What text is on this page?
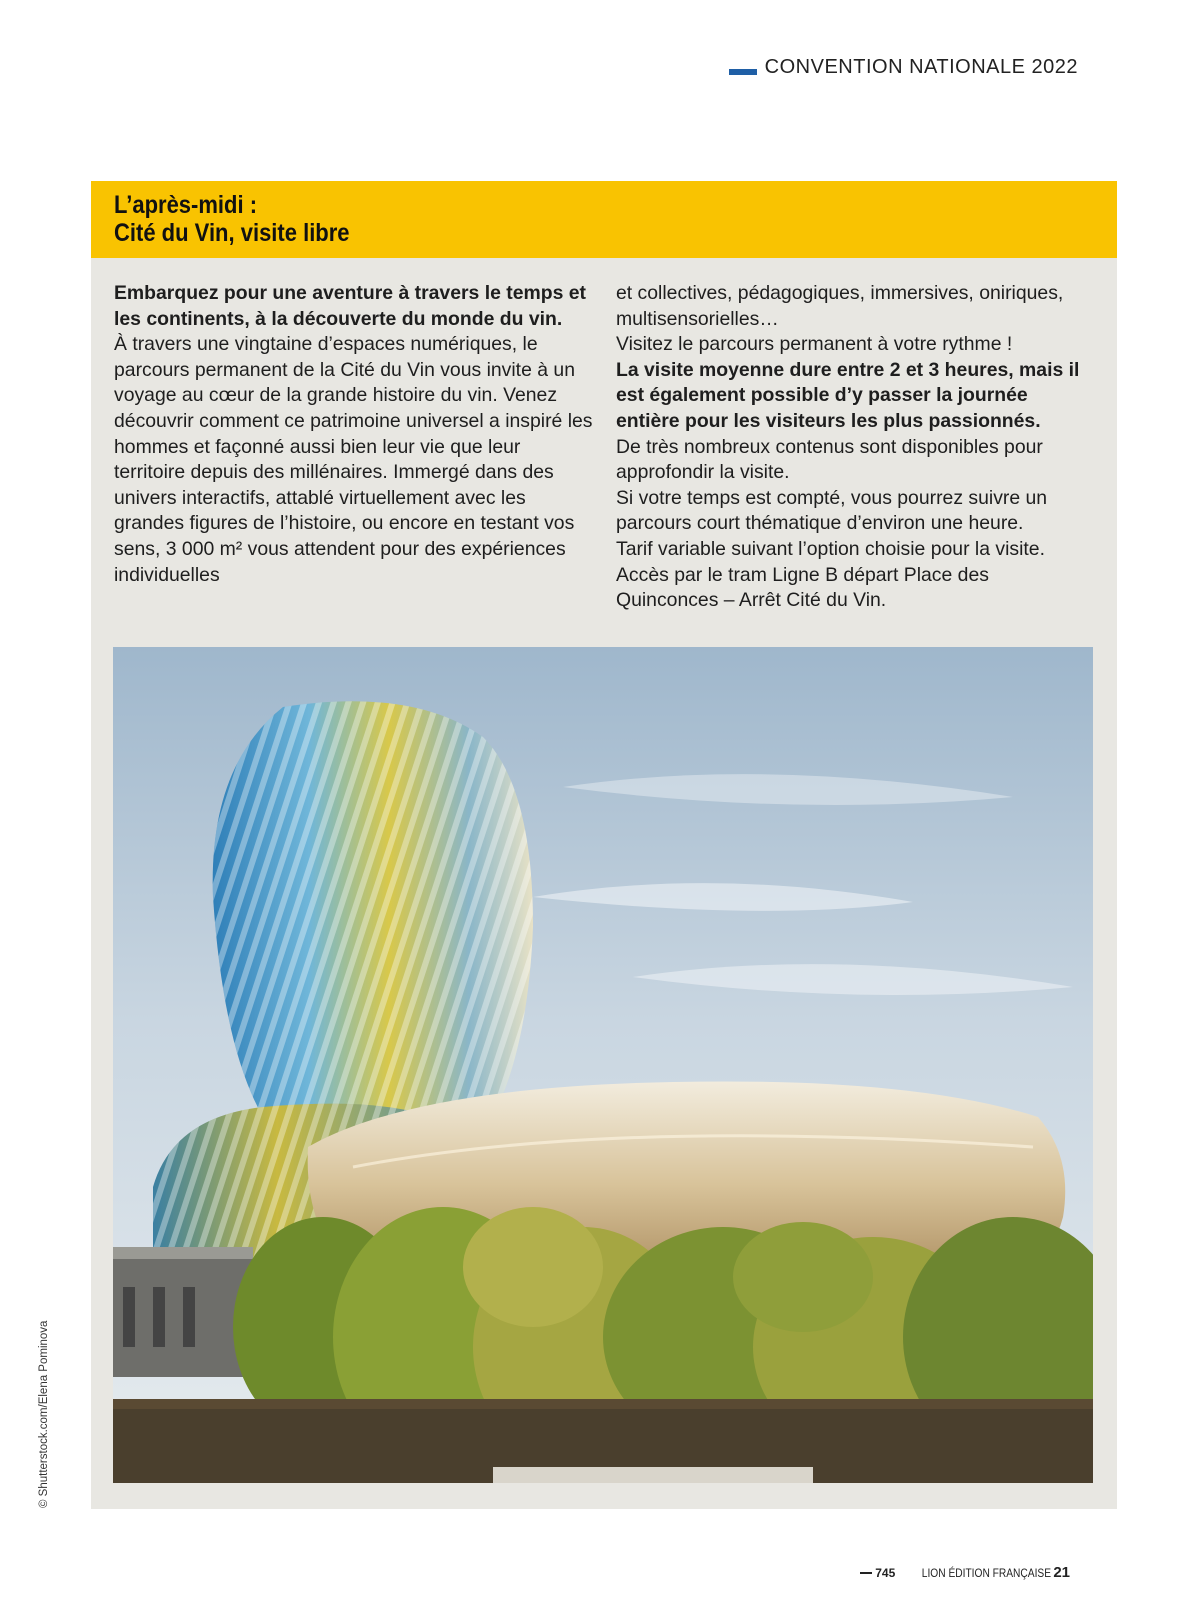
CONVENTION NATIONALE 2022
L’après-midi :
Cité du Vin, visite libre

Embarquez pour une aventure à travers le temps et les continents, à la découverte du monde du vin.

À travers une vingtaine d’espaces numériques, le parcours permanent de la Cité du Vin vous invite à un voyage au cœur de la grande histoire du vin. Venez découvrir comment ce patrimoine universel a inspiré les hommes et façonné aussi bien leur vie que leur territoire depuis des millénaires. Immergé dans des univers interactifs, attablé virtuellement avec les grandes figures de l’histoire, ou encore en testant vos sens, 3 000 m² vous attendent pour des expériences individuelles

et collectives, pédagogiques, immersives, oniriques, multisensorielles…

Visitez le parcours permanent à votre rythme !

La visite moyenne dure entre 2 et 3 heures, mais il est également possible d’y passer la journée entière pour les visiteurs les plus passionnés.

De très nombreux contenus sont disponibles pour approfondir la visite.

Si votre temps est compté, vous pourrez suivre un parcours court thématique d’environ une heure.

Tarif variable suivant l’option choisie pour la visite.

Accès par le tram Ligne B départ Place des Quinconces – Arrêt Cité du Vin.

© Shutterstock.com/Elena Pominova
745 LION ÉDITION FRANÇAISE 21
